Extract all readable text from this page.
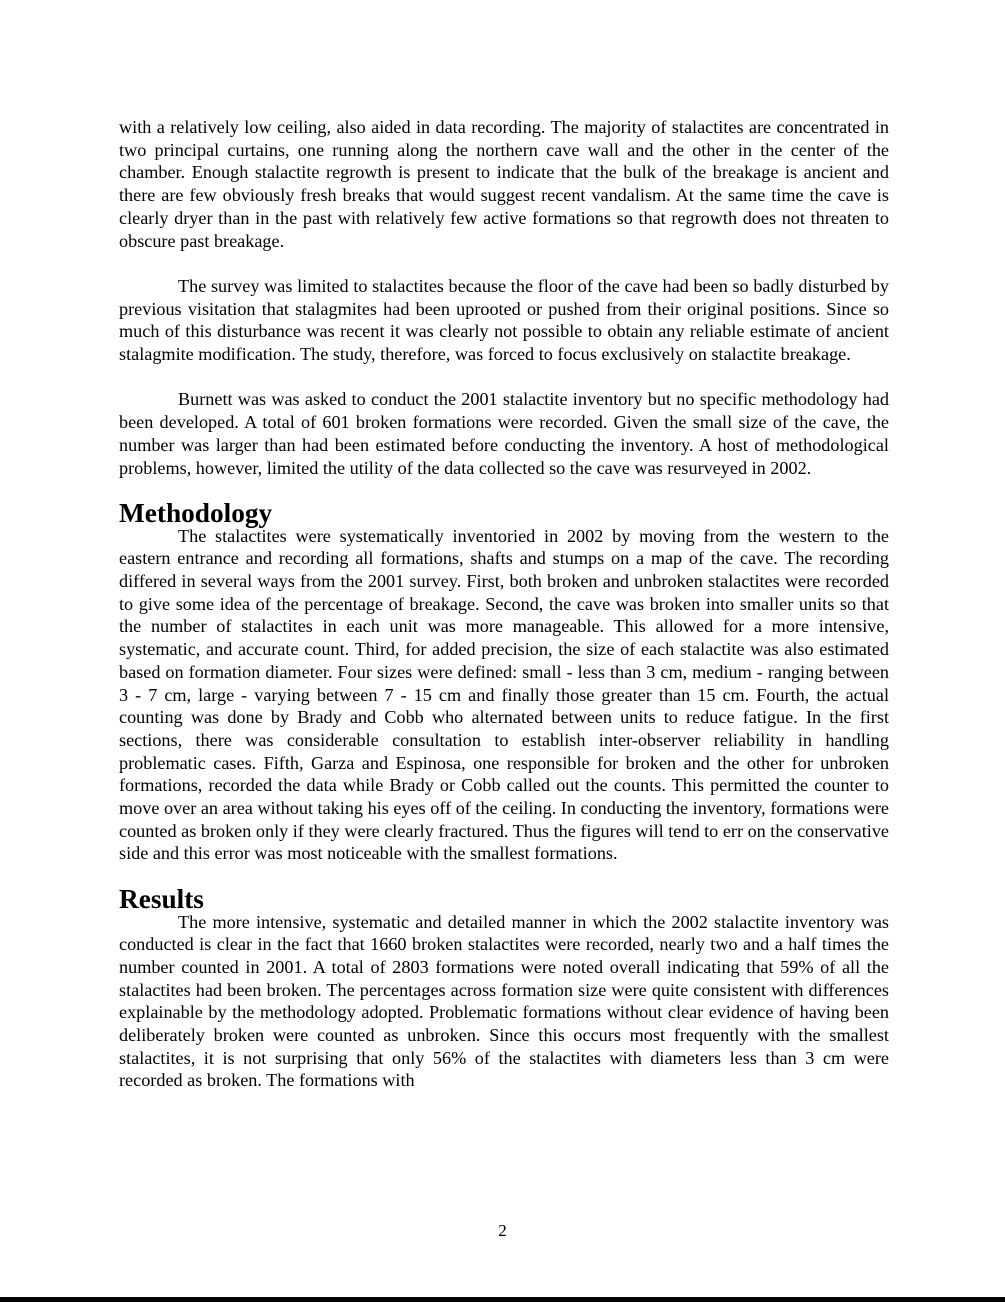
with a relatively low ceiling, also aided in data recording. The majority of stalactites are concentrated in two principal curtains, one running along the northern cave wall and the other in the center of the chamber. Enough stalactite regrowth is present to indicate that the bulk of the breakage is ancient and there are few obviously fresh breaks that would suggest recent vandalism. At the same time the cave is clearly dryer than in the past with relatively few active formations so that regrowth does not threaten to obscure past breakage.

The survey was limited to stalactites because the floor of the cave had been so badly disturbed by previous visitation that stalagmites had been uprooted or pushed from their original positions. Since so much of this disturbance was recent it was clearly not possible to obtain any reliable estimate of ancient stalagmite modification. The study, therefore, was forced to focus exclusively on stalactite breakage.

Burnett was was asked to conduct the 2001 stalactite inventory but no specific methodology had been developed. A total of 601 broken formations were recorded. Given the small size of the cave, the number was larger than had been estimated before conducting the inventory. A host of methodological problems, however, limited the utility of the data collected so the cave was resurveyed in 2002.

Methodology

The stalactites were systematically inventoried in 2002 by moving from the western to the eastern entrance and recording all formations, shafts and stumps on a map of the cave. The recording differed in several ways from the 2001 survey. First, both broken and unbroken stalactites were recorded to give some idea of the percentage of breakage. Second, the cave was broken into smaller units so that the number of stalactites in each unit was more manageable. This allowed for a more intensive, systematic, and accurate count. Third, for added precision, the size of each stalactite was also estimated based on formation diameter. Four sizes were defined: small - less than 3 cm, medium - ranging between 3 - 7 cm, large - varying between 7 - 15 cm and finally those greater than 15 cm. Fourth, the actual counting was done by Brady and Cobb who alternated between units to reduce fatigue. In the first sections, there was considerable consultation to establish inter-observer reliability in handling problematic cases. Fifth, Garza and Espinosa, one responsible for broken and the other for unbroken formations, recorded the data while Brady or Cobb called out the counts. This permitted the counter to move over an area without taking his eyes off of the ceiling. In conducting the inventory, formations were counted as broken only if they were clearly fractured. Thus the figures will tend to err on the conservative side and this error was most noticeable with the smallest formations.

Results

The more intensive, systematic and detailed manner in which the 2002 stalactite inventory was conducted is clear in the fact that 1660 broken stalactites were recorded, nearly two and a half times the number counted in 2001. A total of 2803 formations were noted overall indicating that 59% of all the stalactites had been broken. The percentages across formation size were quite consistent with differences explainable by the methodology adopted. Problematic formations without clear evidence of having been deliberately broken were counted as unbroken. Since this occurs most frequently with the smallest stalactites, it is not surprising that only 56% of the stalactites with diameters less than 3 cm were recorded as broken. The formations with

2
